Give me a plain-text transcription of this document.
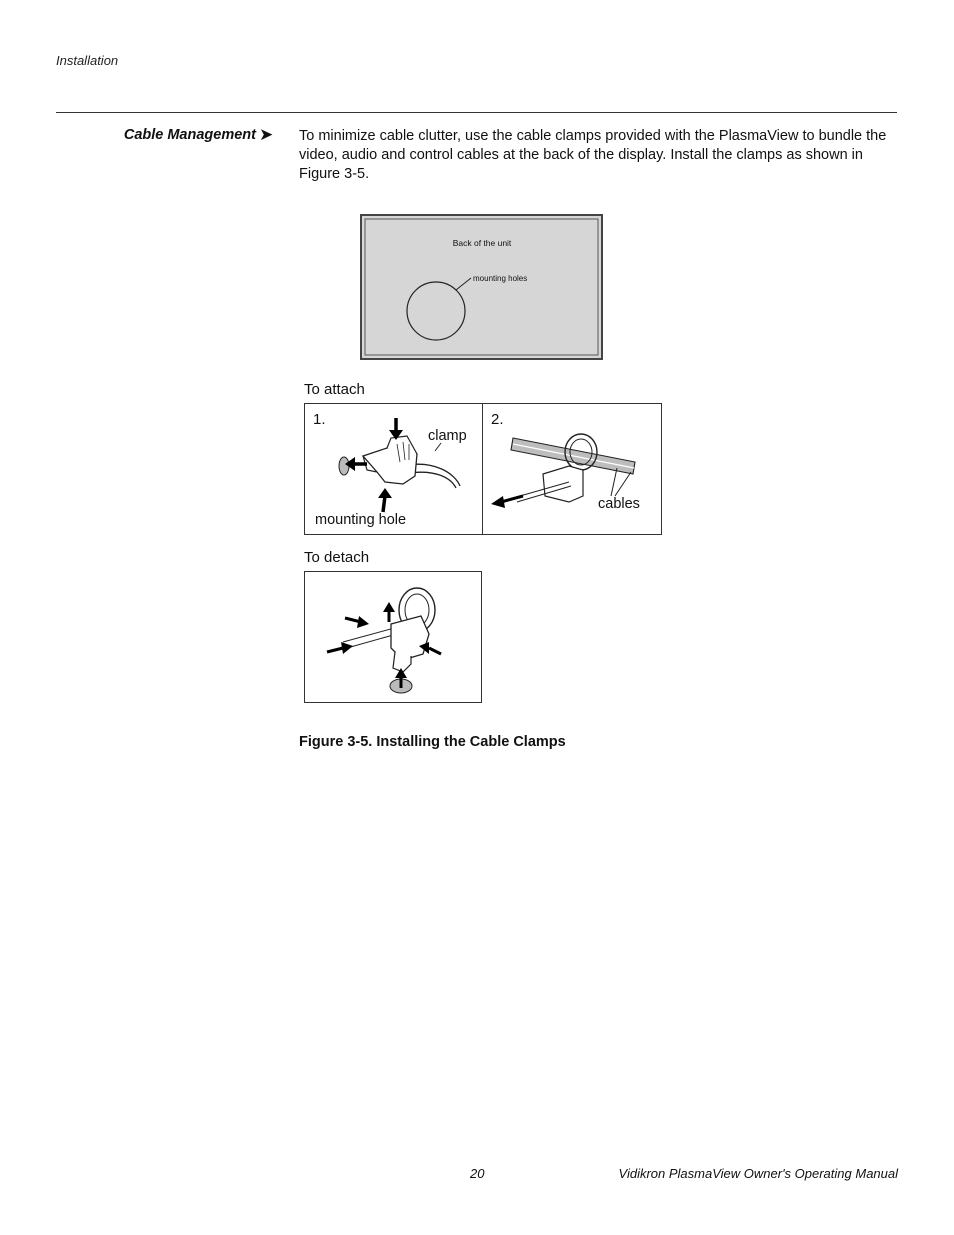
Installation
Cable Management ➤ To minimize cable clutter, use the cable clamps provided with the PlasmaView to bundle the video, audio and control cables at the back of the display. Install the clamps as shown in Figure 3-5.
Back of the unit
mounting holes
To attach
1.
clamp
mounting hole
2.
cables
To detach
Figure 3-5. Installing the Cable Clamps
20	Vidikron PlasmaView Owner's Operating Manual
